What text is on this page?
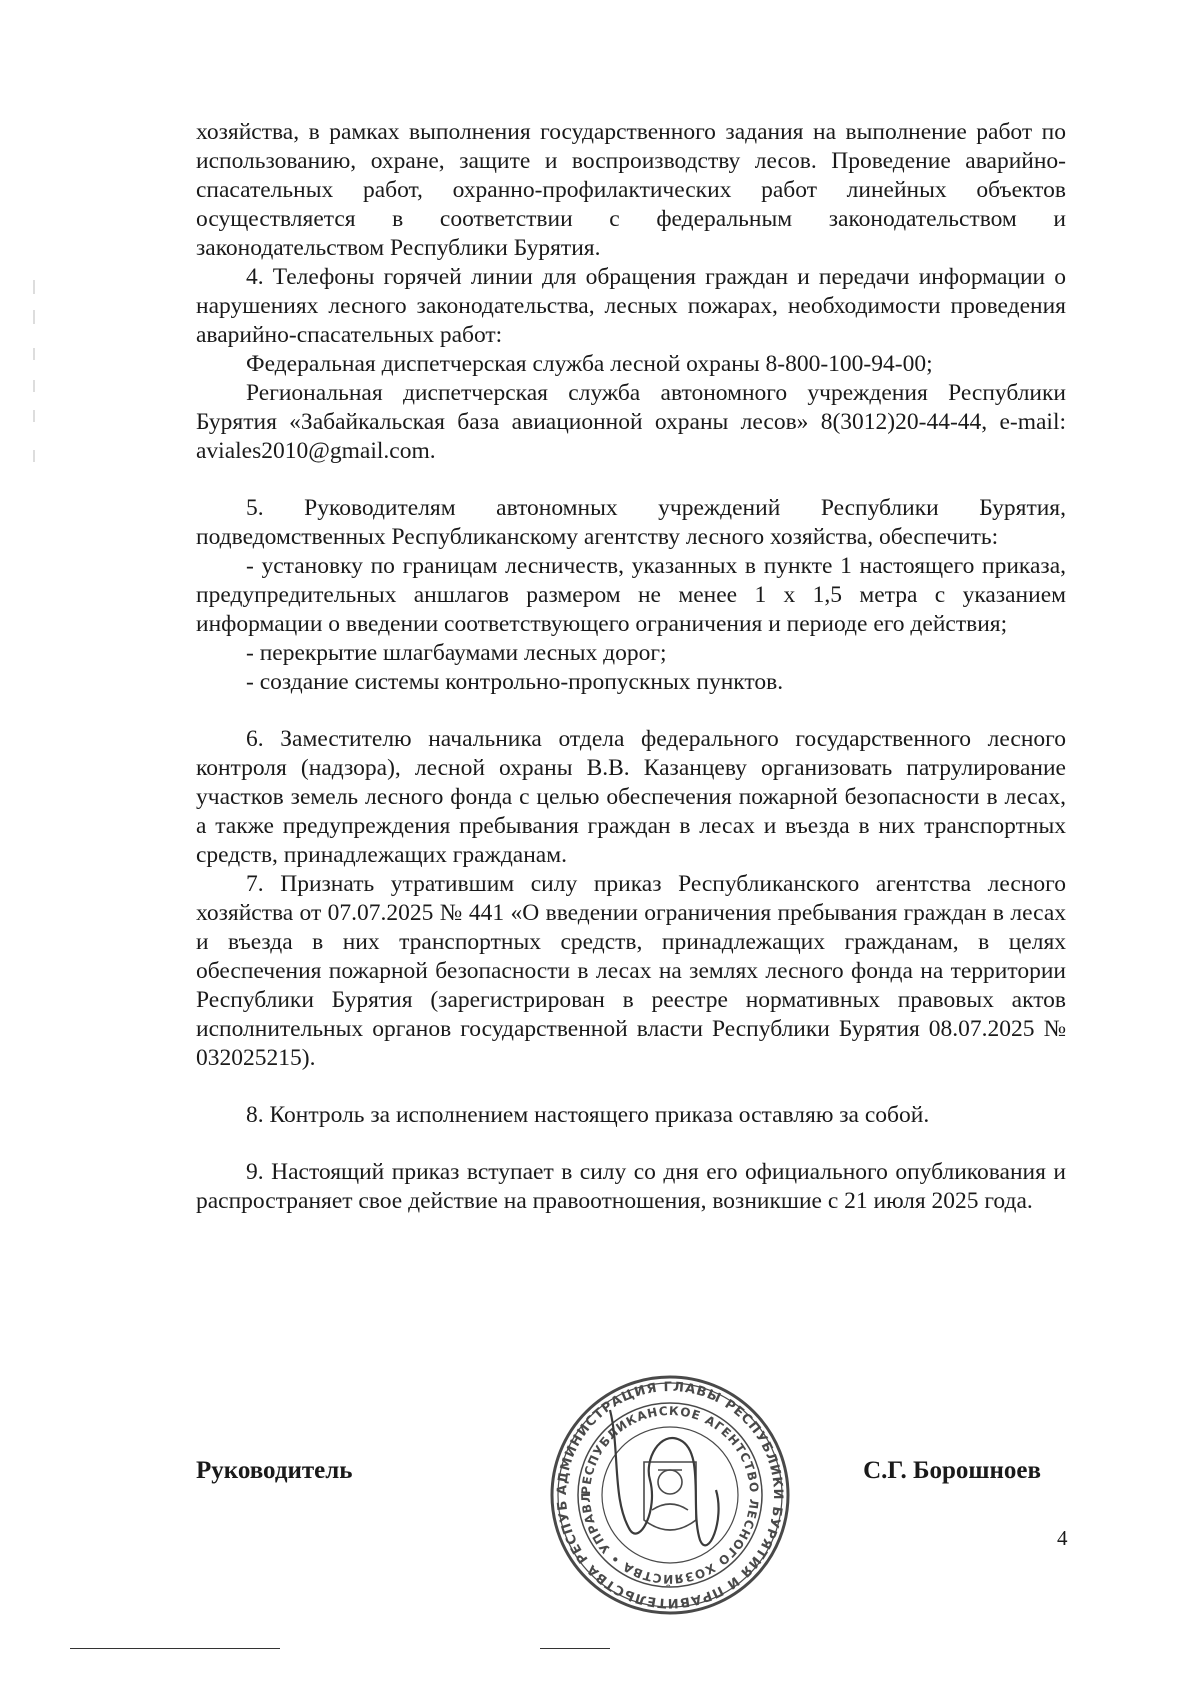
хозяйства, в рамках выполнения государственного задания на выполнение работ по использованию, охране, защите и воспроизводству лесов. Проведение аварийно-спасательных работ, охранно-профилактических работ линейных объектов осуществляется в соответствии с федеральным законодательством и законодательством Республики Бурятия.

4. Телефоны горячей линии для обращения граждан и передачи информации о нарушениях лесного законодательства, лесных пожарах, необходимости проведения аварийно-спасательных работ:

Федеральная диспетчерская служба лесной охраны 8-800-100-94-00;

Региональная диспетчерская служба автономного учреждения Республики Бурятия «Забайкальская база авиационной охраны лесов» 8(3012)20-44-44, e-mail: aviales2010@gmail.com.

5. Руководителям автономных учреждений Республики Бурятия, подведомственных Республиканскому агентству лесного хозяйства, обеспечить:

- установку по границам лесничеств, указанных в пункте 1 настоящего приказа, предупредительных аншлагов размером не менее 1 х 1,5 метра с указанием информации о введении соответствующего ограничения и периоде его действия;

- перекрытие шлагбаумами лесных дорог;

- создание системы контрольно-пропускных пунктов.

6. Заместителю начальника отдела федерального государственного лесного контроля (надзора), лесной охраны В.В. Казанцеву организовать патрулирование участков земель лесного фонда с целью обеспечения пожарной безопасности в лесах, а также предупреждения пребывания граждан в лесах и въезда в них транспортных средств, принадлежащих гражданам.

7. Признать утратившим силу приказ Республиканского агентства лесного хозяйства от 07.07.2025 № 441 «О введении ограничения пребывания граждан в лесах и въезда в них транспортных средств, принадлежащих гражданам, в целях обеспечения пожарной безопасности в лесах на землях лесного фонда на территории Республики Бурятия (зарегистрирован в реестре нормативных правовых актов исполнительных органов государственной власти Республики Бурятия 08.07.2025 № 032025215).

8. Контроль за исполнением настоящего приказа оставляю за собой.

9. Настоящий приказ вступает в силу со дня его официального опубликования и распространяет свое действие на правоотношения, возникшие с 21 июля 2025 года.

Руководитель	С.Г. Борошноев
4
АДМИНИСТРАЦИЯ ГЛАВЫ РЕСПУБЛИКИ БУРЯТИЯ И ПРАВИТЕЛЬСТВА РЕСПУБ
РЕСПУБЛИКАНСКОЕ АГЕНТСТВО ЛЕСНОГО ХОЗЯЙСТВА • УПРАВЛ
